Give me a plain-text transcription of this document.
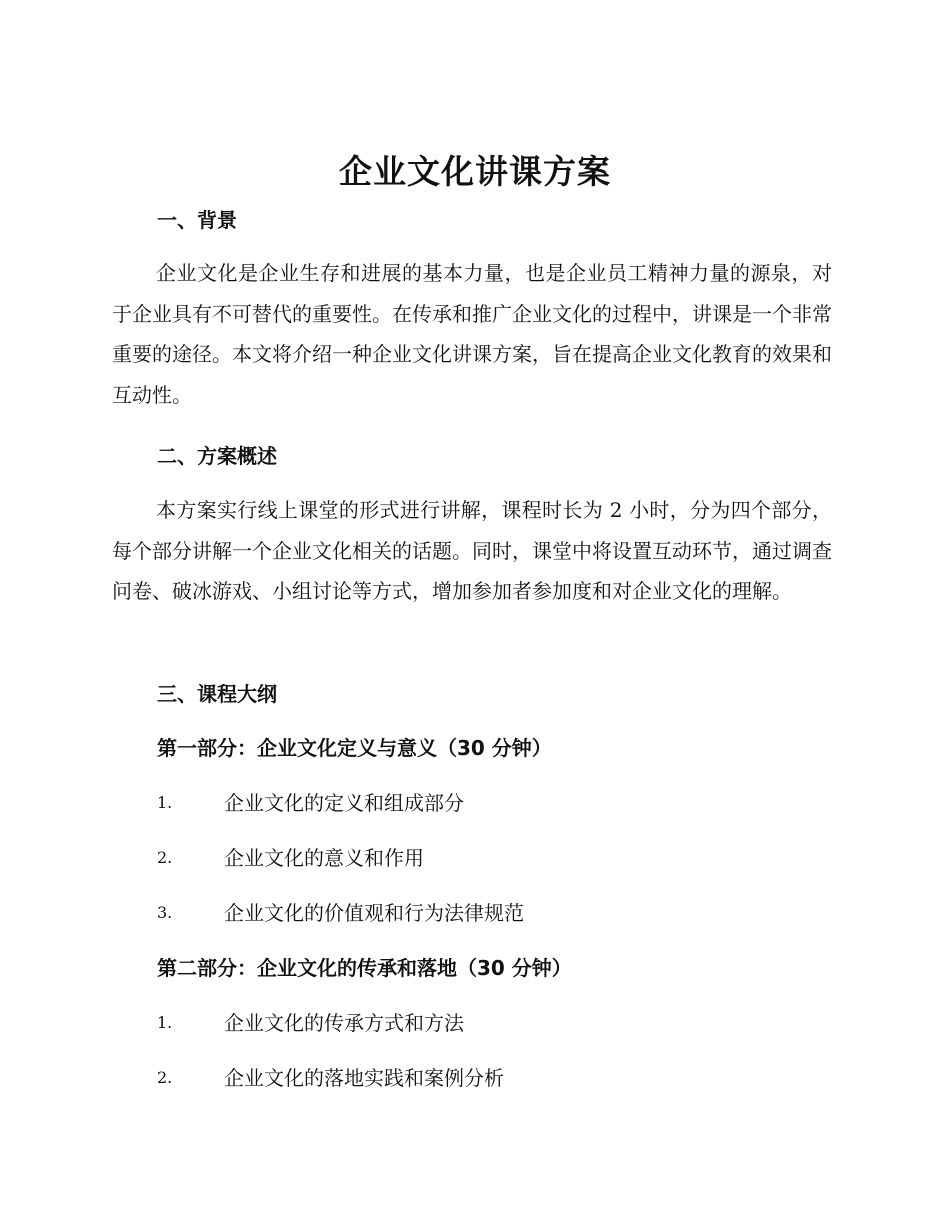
企业文化讲课方案
一、背景

企业文化是企业生存和进展的基本力量，也是企业员工精神力量的源泉，对于企业具有不可替代的重要性。在传承和推广企业文化的过程中，讲课是一个非常重要的途径。本文将介绍一种企业文化讲课方案，旨在提高企业文化教育的效果和互动性。

二、方案概述

本方案实行线上课堂的形式进行讲解，课程时长为 2 小时，分为四个部分，每个部分讲解一个企业文化相关的话题。同时，课堂中将设置互动环节，通过调查问卷、破冰游戏、小组讨论等方式，增加参加者参加度和对企业文化的理解。

三、课程大纲
第一部分：企业文化定义与意义（30 分钟）
1.	企业文化的定义和组成部分
2.	企业文化的意义和作用
3.	企业文化的价值观和行为法律规范
第二部分：企业文化的传承和落地（30 分钟）
1.	企业文化的传承方式和方法
2.	企业文化的落地实践和案例分析
